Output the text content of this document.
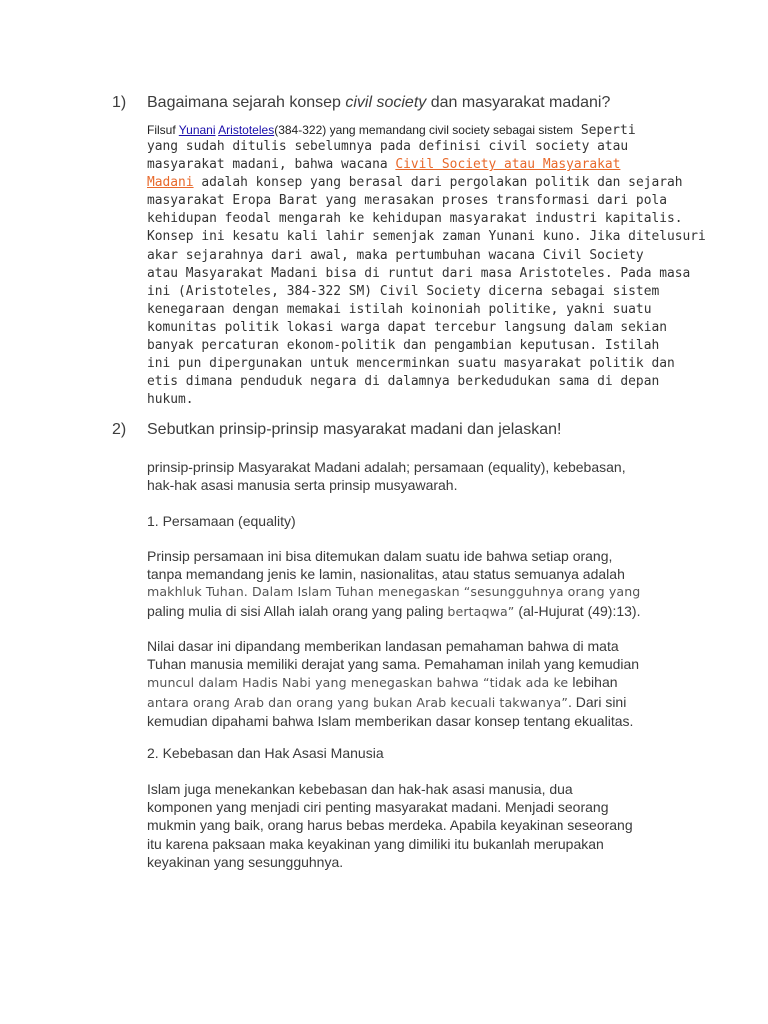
1) Bagaimana sejarah konsep civil society dan masyarakat madani?
Filsuf Yunani Aristoteles(384-322) yang memandang civil society sebagai sistem Seperti
yang sudah ditulis sebelumnya pada definisi civil society atau
masyarakat madani, bahwa wacana Civil Society atau Masyarakat
Madani adalah konsep yang berasal dari pergolakan politik dan sejarah
masyarakat Eropa Barat yang merasakan proses transformasi dari pola
kehidupan feodal mengarah ke kehidupan masyarakat industri kapitalis.
Konsep ini kesatu kali lahir semenjak zaman Yunani kuno. Jika ditelusuri
akar sejarahnya dari awal, maka pertumbuhan wacana Civil Society
atau Masyarakat Madani bisa di runtut dari masa Aristoteles. Pada masa
ini (Aristoteles, 384-322 SM) Civil Society dicerna sebagai sistem
kenegaraan dengan memakai istilah koinoniah politike, yakni suatu
komunitas politik lokasi warga dapat tercebur langsung dalam sekian
banyak percaturan ekonom-politik dan pengambian keputusan. Istilah
ini pun dipergunakan untuk mencerminkan suatu masyarakat politik dan
etis dimana penduduk negara di dalamnya berkedudukan sama di depan
hukum.
2) Sebutkan prinsip-prinsip masyarakat madani dan jelaskan!
prinsip-prinsip Masyarakat Madani adalah; persamaan (equality), kebebasan,
hak-hak asasi manusia serta prinsip musyawarah.
1. Persamaan (equality)
Prinsip persamaan ini bisa ditemukan dalam suatu ide bahwa setiap orang,
tanpa memandang jenis ke lamin, nasionalitas, atau status semuanya adalah
makhluk Tuhan. Dalam Islam Tuhan menegaskan “sesungguhnya orang yang
paling mulia di sisi Allah ialah orang yang paling bertaqwa” (al-Hujurat (49):13).
Nilai dasar ini dipandang memberikan landasan pemahaman bahwa di mata
Tuhan manusia memiliki derajat yang sama. Pemahaman inilah yang kemudian
muncul dalam Hadis Nabi yang menegaskan bahwa “tidak ada ke lebihan
antara orang Arab dan orang yang bukan Arab kecuali takwanya”. Dari sini
kemudian dipahami bahwa Islam memberikan dasar konsep tentang ekualitas.
2. Kebebasan dan Hak Asasi Manusia
Islam juga menekankan kebebasan dan hak-hak asasi manusia, dua
komponen yang menjadi ciri penting masyarakat madani. Menjadi seorang
mukmin yang baik, orang harus bebas merdeka. Apabila keyakinan seseorang
itu karena paksaan maka keyakinan yang dimiliki itu bukanlah merupakan
keyakinan yang sesungguhnya.
